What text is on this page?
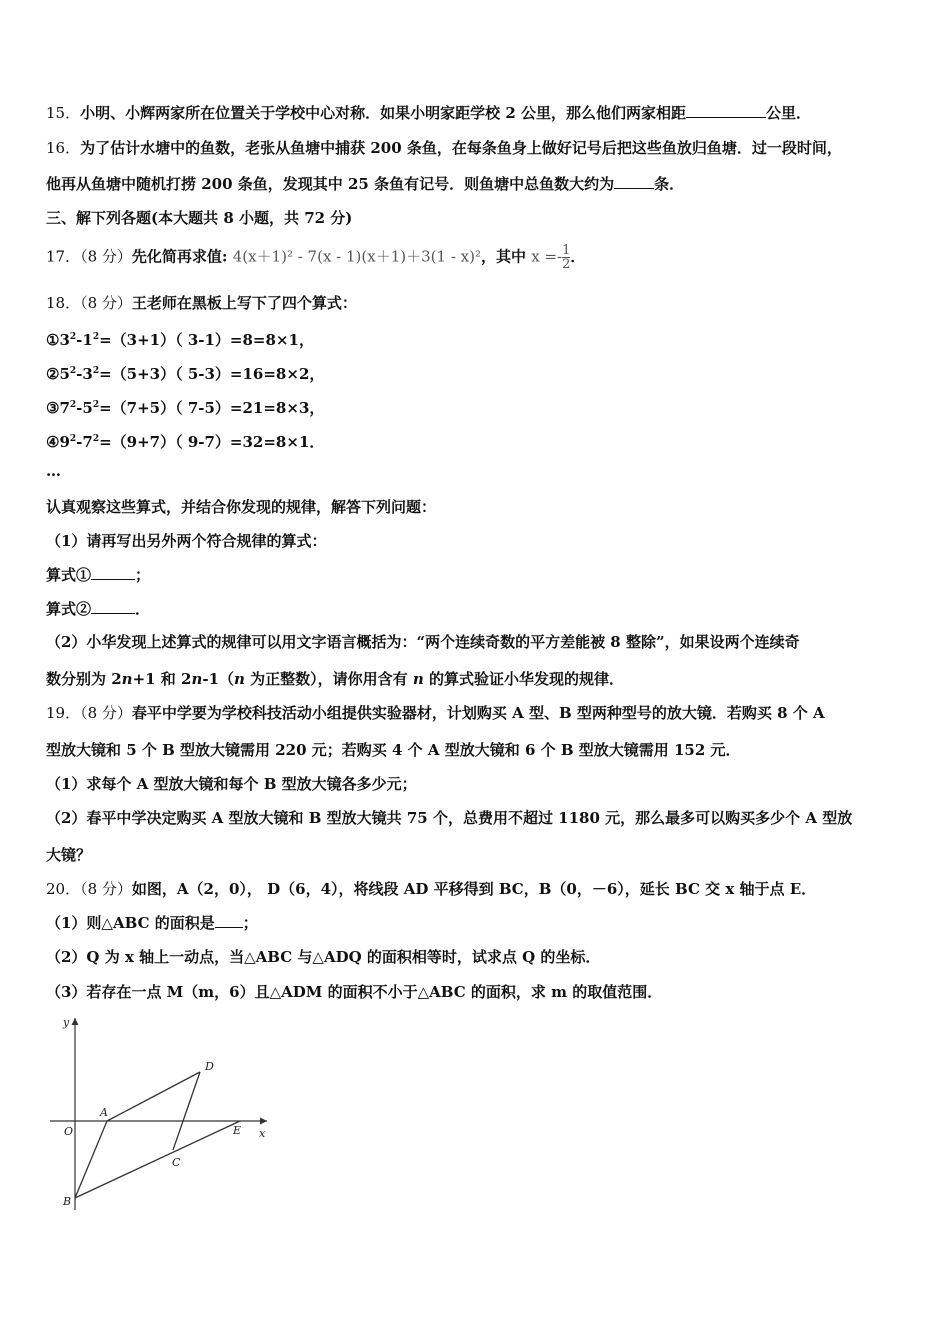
15．小明、小辉两家所在位置关于学校中心对称．如果小明家距学校 2 公里，那么他们两家相距	公里．
16．为了估计水塘中的鱼数，老张从鱼塘中捕获 200 条鱼，在每条鱼身上做好记号后把这些鱼放归鱼塘．过一段时间，
他再从鱼塘中随机打捞 200 条鱼，发现其中 25 条鱼有记号．则鱼塘中总鱼数大约为	条．
三、解下列各题(本大题共 8 小题，共 72 分)
17．（8 分）先化简再求值: 4(x＋1)² - 7(x - 1)(x＋1)＋3(1 - x)²，其中 $x =-\frac{1}{2}$ ．
18．（8 分）王老师在黑板上写下了四个算式：
$①3^2-1^2=(3+1)$（ 3-1）=8=8×1，
$②5^2-3^2=(5+3)$（ 5-3）=16=8×2，
$③7^2-5^2=(7+5)$（ 7-5）=21=8×3，
$④9^2-7^2=(9+7)$（ 9-7）=32=8×1．
…
认真观察这些算式，并结合你发现的规律，解答下列问题：
（1）请再写出另外两个符合规律的算式：
算式①	；
算式②	．
（2）小华发现上述算式的规律可以用文字语言概括为：“两个连续奇数的平方差能被 8 整除”，如果设两个连续奇
数分别为 2n+1 和 2n-1（n 为正整数），请你用含有 n 的算式验证小华发现的规律．
19．（8 分）春平中学要为学校科技活动小组提供实验器材，计划购买 A 型、B 型两种型号的放大镜．若购买 8 个 A
型放大镜和 5 个 B 型放大镜需用 220 元；若购买 4 个 A 型放大镜和 6 个 B 型放大镜需用 152 元．
（1）求每个 A 型放大镜和每个 B 型放大镜各多少元；
（2）春平中学决定购买 A 型放大镜和 B 型放大镜共 75 个，总费用不超过 1180 元，那么最多可以购买多少个 A 型放
大镜？
20．（8 分）如图，A（2，0）， D（6，4），将线段 AD 平移得到 BC，B（0，－6），延长 BC 交 x 轴于点 E．
（1）则△ABC 的面积是 ；
（2）Q 为 x 轴上一动点，当△ABC 与△ADQ 的面积相等时，试求点 Q 的坐标．
（3）若存在一点 M（m，6）且△ADM 的面积不小于△ABC 的面积，求 m 的取值范围．
y
x
O
A
D
E
C
B
